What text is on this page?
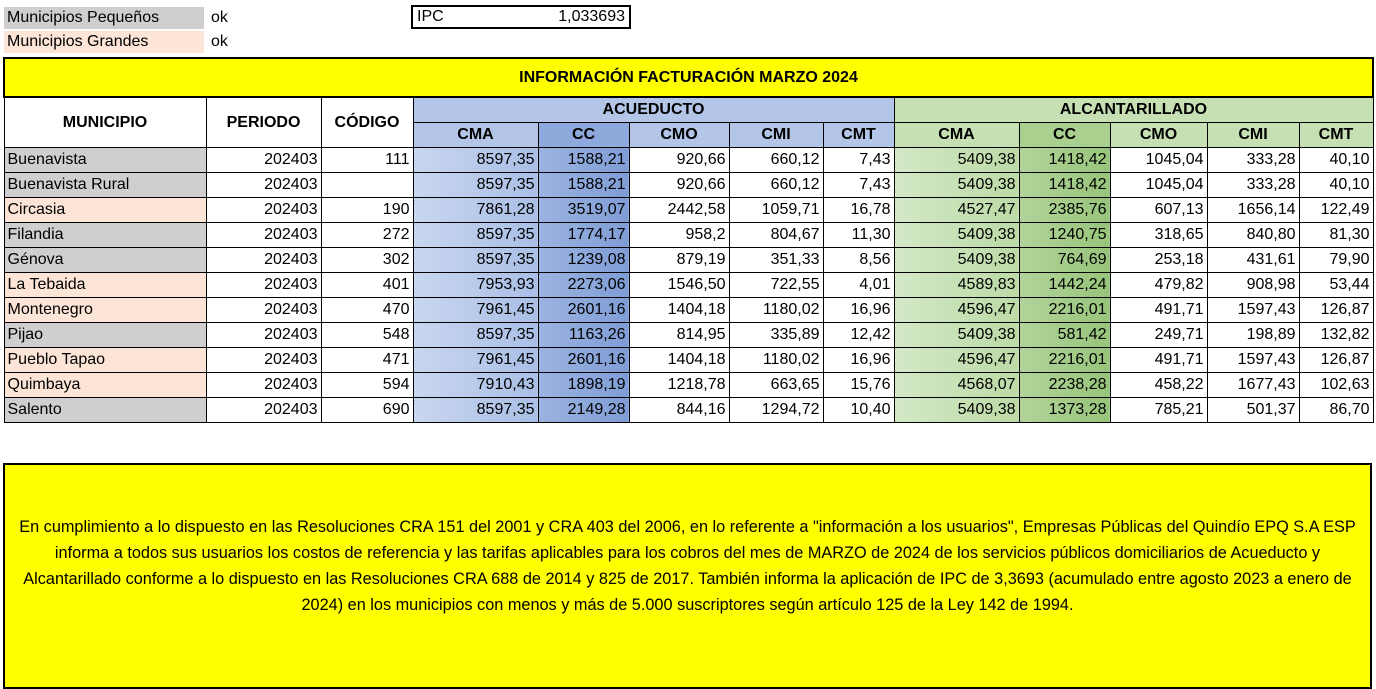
Municipios Pequeños	ok
Municipios Grandes	ok
IPC	1,033693
INFORMACIÓN FACTURACIÓN MARZO 2024												
MUNICIPIO	PERIODO	CÓDIGO	ACUEDUCTO					ALCANTARILLADO				
			CMA	CC	CMO	CMI	CMT	CMA	CC	CMO	CMI	CMT
Buenavista	202403	111	8597,35	1588,21	920,66	660,12	7,43	5409,38	1418,42	1045,04	333,28	40,10
Buenavista Rural	202403		8597,35	1588,21	920,66	660,12	7,43	5409,38	1418,42	1045,04	333,28	40,10
Circasia	202403	190	7861,28	3519,07	2442,58	1059,71	16,78	4527,47	2385,76	607,13	1656,14	122,49
Filandia	202403	272	8597,35	1774,17	958,2	804,67	11,30	5409,38	1240,75	318,65	840,80	81,30
Génova	202403	302	8597,35	1239,08	879,19	351,33	8,56	5409,38	764,69	253,18	431,61	79,90
La Tebaida	202403	401	7953,93	2273,06	1546,50	722,55	4,01	4589,83	1442,24	479,82	908,98	53,44
Montenegro	202403	470	7961,45	2601,16	1404,18	1180,02	16,96	4596,47	2216,01	491,71	1597,43	126,87
Pijao	202403	548	8597,35	1163,26	814,95	335,89	12,42	5409,38	581,42	249,71	198,89	132,82
Pueblo Tapao	202403	471	7961,45	2601,16	1404,18	1180,02	16,96	4596,47	2216,01	491,71	1597,43	126,87
Quimbaya	202403	594	7910,43	1898,19	1218,78	663,65	15,76	4568,07	2238,28	458,22	1677,43	102,63
Salento	202403	690	8597,35	2149,28	844,16	1294,72	10,40	5409,38	1373,28	785,21	501,37	86,70

En cumplimiento a lo dispuesto en las Resoluciones CRA 151 del 2001 y CRA 403 del 2006, en lo referente a "información a los usuarios", Empresas Públicas del Quindío EPQ S.A ESP informa a todos sus usuarios los costos de referencia y las tarifas aplicables para los cobros del mes de MARZO de 2024 de los servicios públicos domiciliarios de Acueducto y Alcantarillado conforme a lo dispuesto en las Resoluciones CRA 688 de 2014 y 825 de 2017. También informa la aplicación de IPC de 3,3693 (acumulado entre agosto 2023 a enero de 2024) en los municipios con menos y más de 5.000 suscriptores según artículo 125 de la Ley 142 de 1994.
